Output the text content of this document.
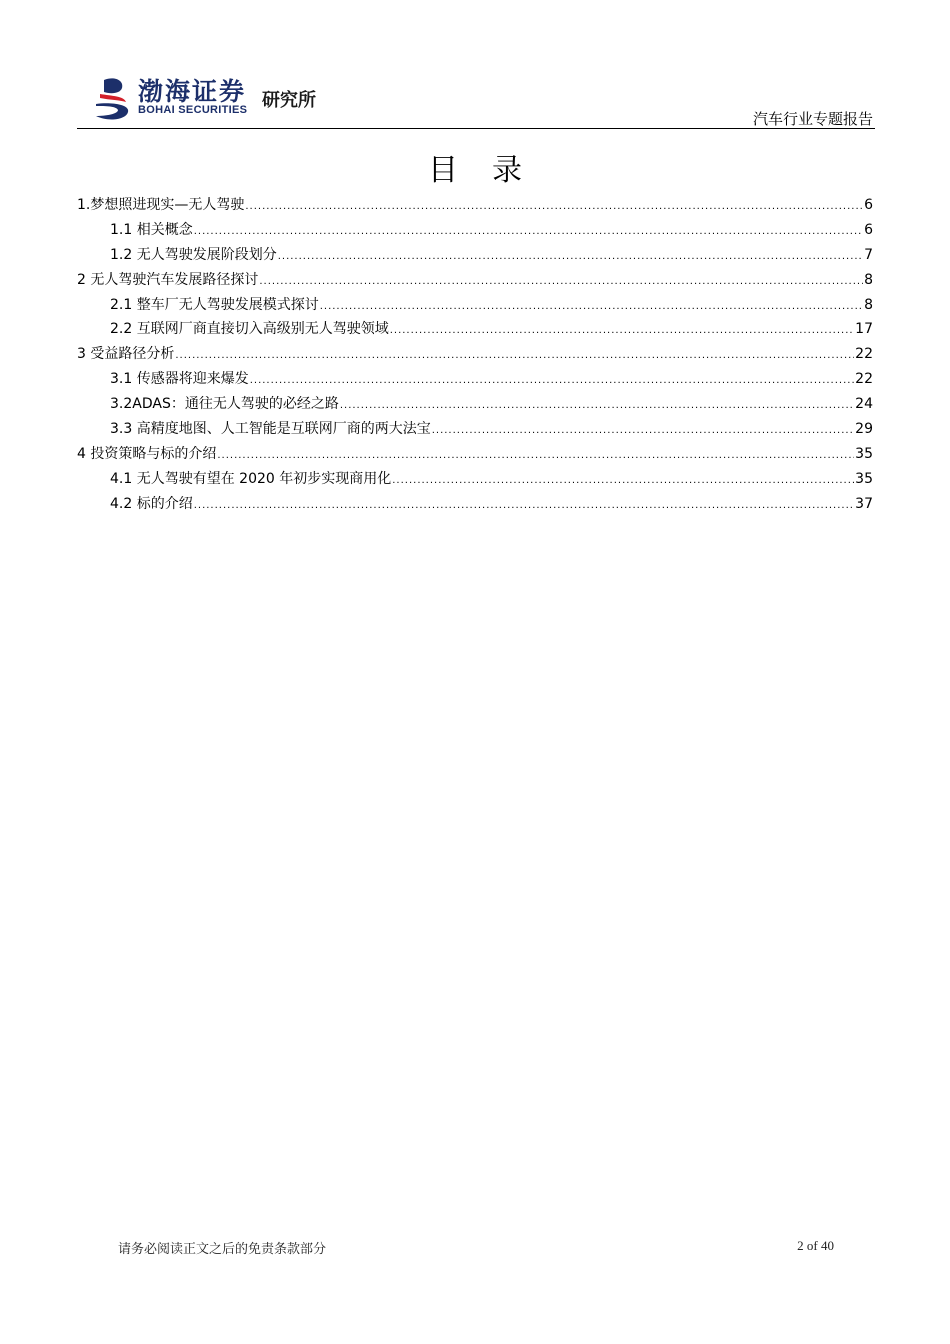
渤海证券
BOHAI SECURITIES 研究所
汽车行业专题报告
目录
1.梦想照进现实—无人驾驶 .....	6
1.1 相关概念 .....	6
1.2 无人驾驶发展阶段划分 .....	7
2 无人驾驶汽车发展路径探讨 .....	8
2.1 整车厂无人驾驶发展模式探讨 .....	8
2.2 互联网厂商直接切入高级别无人驾驶领域 .....	17
3 受益路径分析 .....	22
3.1 传感器将迎来爆发 .....	22
3.2ADAS：通往无人驾驶的必经之路 .....	24
3.3 高精度地图、人工智能是互联网厂商的两大法宝 .....	29
4 投资策略与标的介绍 .....	35
4.1 无人驾驶有望在 2020 年初步实现商用化 .....	35
4.2 标的介绍 .....	37
请务必阅读正文之后的免责条款部分	2 of 40
